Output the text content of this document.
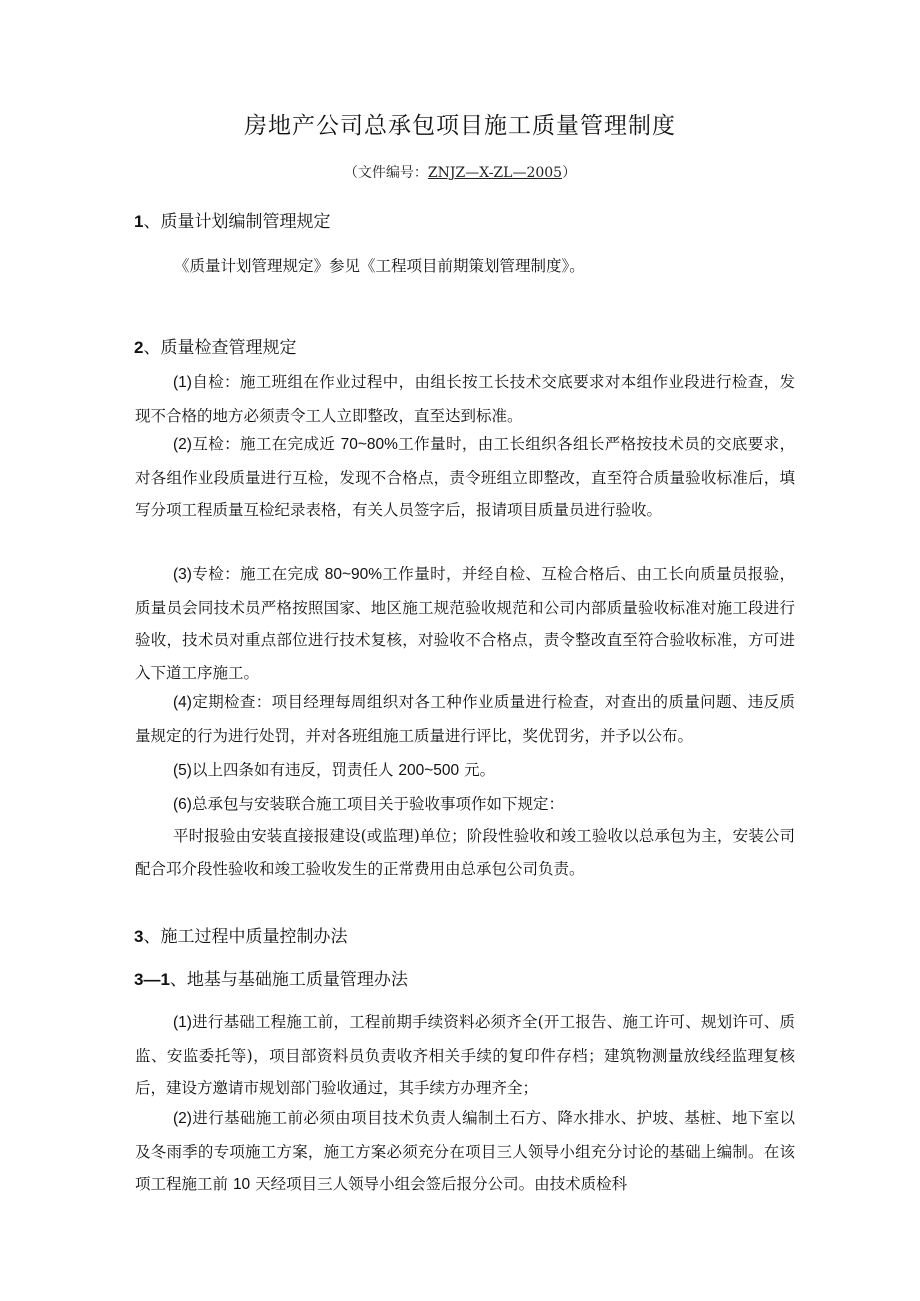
房地产公司总承包项目施工质量管理制度
（文件编号：ZNJZ—X-ZL—2005）
1、质量计划编制管理规定
《质量计划管理规定》参见《工程项目前期策划管理制度》。
2、质量检查管理规定
(1)自检：施工班组在作业过程中，由组长按工长技术交底要求对本组作业段进行检查，发现不合格的地方必须责令工人立即整改，直至达到标准。
(2)互检：施工在完成近 70~80%工作量时，由工长组织各组长严格按技术员的交底要求，对各组作业段质量进行互检，发现不合格点，责令班组立即整改，直至符合质量验收标准后，填写分项工程质量互检纪录表格，有关人员签字后，报请项目质量员进行验收。
(3)专检：施工在完成 80~90%工作量时，并经自检、互检合格后、由工长向质量员报验，质量员会同技术员严格按照国家、地区施工规范验收规范和公司内部质量验收标准对施工段进行验收，技术员对重点部位进行技术复核，对验收不合格点，责令整改直至符合验收标准，方可进入下道工序施工。
(4)定期检查：项目经理每周组织对各工种作业质量进行检查，对查出的质量问题、违反质量规定的行为进行处罚，并对各班组施工质量进行评比，奖优罚劣，并予以公布。
(5)以上四条如有违反，罚责任人 200~500 元。
(6)总承包与安装联合施工项目关于验收事项作如下规定：
平时报验由安装直接报建设(或监理)单位；阶段性验收和竣工验收以总承包为主，安装公司配合邛介段性验收和竣工验收发生的正常费用由总承包公司负责。
3、施工过程中质量控制办法
3—1、地基与基础施工质量管理办法
(1)进行基础工程施工前，工程前期手续资料必须齐全(开工报告、施工许可、规划许可、质监、安监委托等)，项目部资料员负责收齐相关手续的复印件存档；建筑物测量放线经监理复核后，建设方邀请市规划部门验收通过，其手续方办理齐全；
(2)进行基础施工前必须由项目技术负责人编制土石方、降水排水、护坡、基桩、地下室以及冬雨季的专项施工方案，施工方案必须充分在项目三人领导小组充分讨论的基础上编制。在该项工程施工前 10 天经项目三人领导小组会签后报分公司。由技术质检科
